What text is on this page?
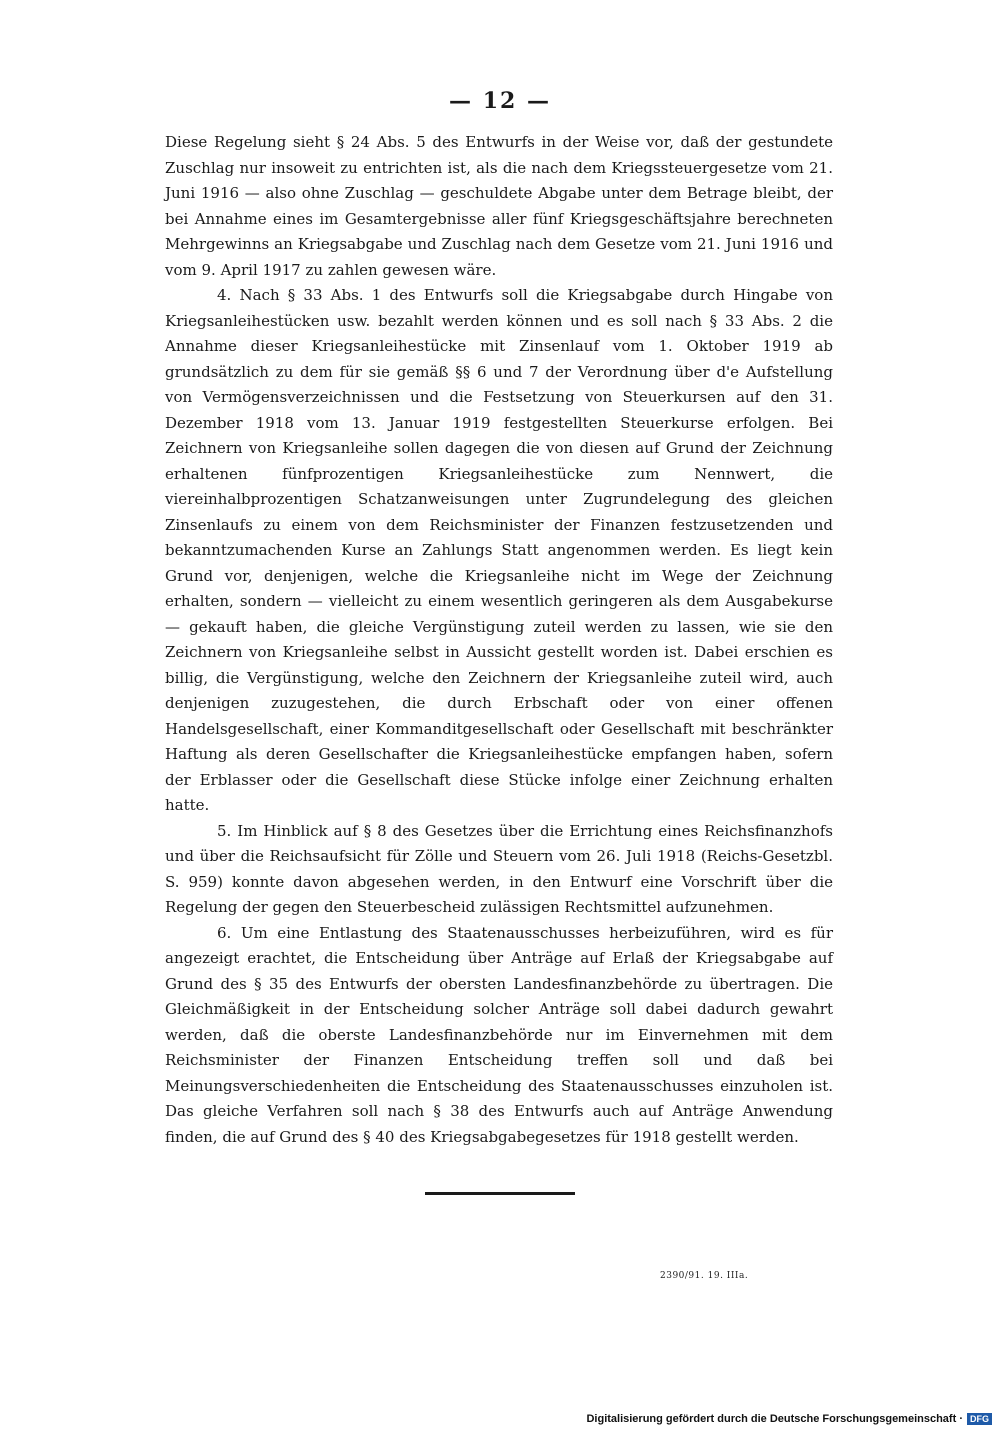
— 12 —

Diese Regelung sieht § 24 Abs. 5 des Entwurfs in der Weise vor, daß der gestundete Zuschlag nur insoweit zu entrichten ist, als die nach dem Kriegssteuergesetze vom 21. Juni 1916 — also ohne Zuschlag — geschuldete Abgabe unter dem Betrage bleibt, der bei Annahme eines im Gesamtergebnisse aller fünf Kriegsgeschäftsjahre berechneten Mehrgewinns an Kriegsabgabe und Zuschlag nach dem Gesetze vom 21. Juni 1916 und vom 9. April 1917 zu zahlen gewesen wäre.

4. Nach § 33 Abs. 1 des Entwurfs soll die Kriegsabgabe durch Hingabe von Kriegsanleihestücken usw. bezahlt werden können und es soll nach § 33 Abs. 2 die Annahme dieser Kriegsanleihestücke mit Zinsenlauf vom 1. Oktober 1919 ab grundsätzlich zu dem für sie gemäß §§ 6 und 7 der Verordnung über d'e Aufstellung von Vermögensverzeichnissen und die Festsetzung von Steuerkursen auf den 31. Dezember 1918 vom 13. Januar 1919 festgestellten Steuerkurse erfolgen. Bei Zeichnern von Kriegsanleihe sollen dagegen die von diesen auf Grund der Zeichnung erhaltenen fünfprozentigen Kriegsanleihestücke zum Nennwert, die viereinhalbprozentigen Schatzanweisungen unter Zugrundelegung des gleichen Zinsenlaufs zu einem von dem Reichsminister der Finanzen festzusetzenden und bekanntzumachenden Kurse an Zahlungs Statt angenommen werden. Es liegt kein Grund vor, denjenigen, welche die Kriegsanleihe nicht im Wege der Zeichnung erhalten, sondern — vielleicht zu einem wesentlich geringeren als dem Ausgabekurse — gekauft haben, die gleiche Vergünstigung zuteil werden zu lassen, wie sie den Zeichnern von Kriegsanleihe selbst in Aussicht gestellt worden ist. Dabei erschien es billig, die Vergünstigung, welche den Zeichnern der Kriegsanleihe zuteil wird, auch denjenigen zuzugestehen, die durch Erbschaft oder von einer offenen Handelsgesellschaft, einer Kommanditgesellschaft oder Gesellschaft mit beschränkter Haftung als deren Gesellschafter die Kriegsanleihestücke empfangen haben, sofern der Erblasser oder die Gesellschaft diese Stücke infolge einer Zeichnung erhalten hatte.

5. Im Hinblick auf § 8 des Gesetzes über die Errichtung eines Reichsfinanzhofs und über die Reichsaufsicht für Zölle und Steuern vom 26. Juli 1918 (Reichs-Gesetzbl. S. 959) konnte davon abgesehen werden, in den Entwurf eine Vorschrift über die Regelung der gegen den Steuerbescheid zulässigen Rechtsmittel aufzunehmen.

6. Um eine Entlastung des Staatenausschusses herbeizuführen, wird es für angezeigt erachtet, die Entscheidung über Anträge auf Erlaß der Kriegsabgabe auf Grund des § 35 des Entwurfs der obersten Landesfinanzbehörde zu übertragen. Die Gleichmäßigkeit in der Entscheidung solcher Anträge soll dabei dadurch gewahrt werden, daß die oberste Landesfinanzbehörde nur im Einvernehmen mit dem Reichsminister der Finanzen Entscheidung treffen soll und daß bei Meinungsverschiedenheiten die Entscheidung des Staatenausschusses einzuholen ist. Das gleiche Verfahren soll nach § 38 des Entwurfs auch auf Anträge Anwendung finden, die auf Grund des § 40 des Kriegsabgabegesetzes für 1918 gestellt werden.

2390/91. 19. IIIa.
Digitalisierung gefördert durch die Deutsche Forschungsgemeinschaft · DFG
